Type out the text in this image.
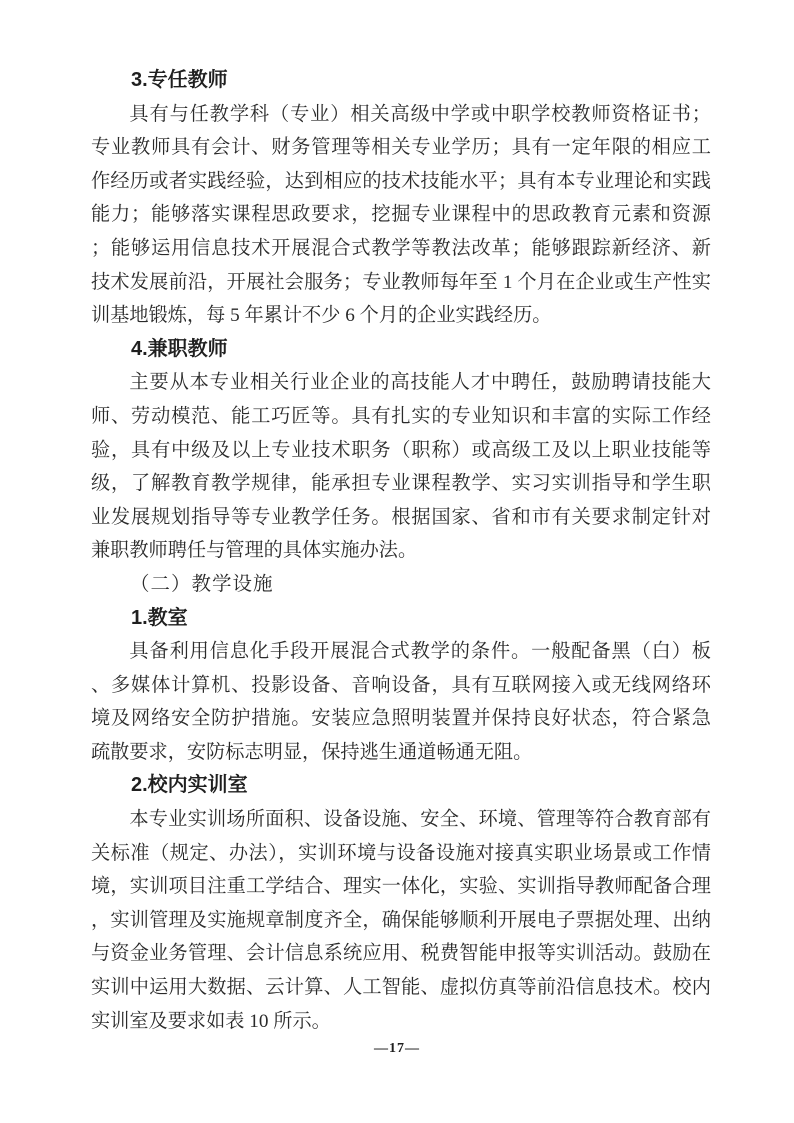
3.专任教师
具有与任教学科（专业）相关高级中学或中职学校教师资格证书；
专业教师具有会计、财务管理等相关专业学历；具有一定年限的相应工
作经历或者实践经验，达到相应的技术技能水平；具有本专业理论和实践
能力；能够落实课程思政要求，挖掘专业课程中的思政教育元素和资源
；能够运用信息技术开展混合式教学等教法改革；能够跟踪新经济、新
技术发展前沿，开展社会服务；专业教师每年至 1 个月在企业或生产性实
训基地锻炼，每 5 年累计不少 6 个月的企业实践经历。
4.兼职教师
主要从本专业相关行业企业的高技能人才中聘任，鼓励聘请技能大
师、劳动模范、能工巧匠等。具有扎实的专业知识和丰富的实际工作经
验，具有中级及以上专业技术职务（职称）或高级工及以上职业技能等
级，了解教育教学规律，能承担专业课程教学、实习实训指导和学生职
业发展规划指导等专业教学任务。根据国家、省和市有关要求制定针对
兼职教师聘任与管理的具体实施办法。
（二）教学设施
1.教室
具备利用信息化手段开展混合式教学的条件。一般配备黑（白）板
、多媒体计算机、投影设备、音响设备，具有互联网接入或无线网络环
境及网络安全防护措施。安装应急照明装置并保持良好状态，符合紧急
疏散要求，安防标志明显，保持逃生通道畅通无阻。
2.校内实训室
本专业实训场所面积、设备设施、安全、环境、管理等符合教育部有
关标准（规定、办法），实训环境与设备设施对接真实职业场景或工作情
境，实训项目注重工学结合、理实一体化，实验、实训指导教师配备合理
，实训管理及实施规章制度齐全，确保能够顺利开展电子票据处理、出纳
与资金业务管理、会计信息系统应用、税费智能申报等实训活动。鼓励在
实训中运用大数据、云计算、人工智能、虚拟仿真等前沿信息技术。校内
实训室及要求如表 10 所示。
—17—
